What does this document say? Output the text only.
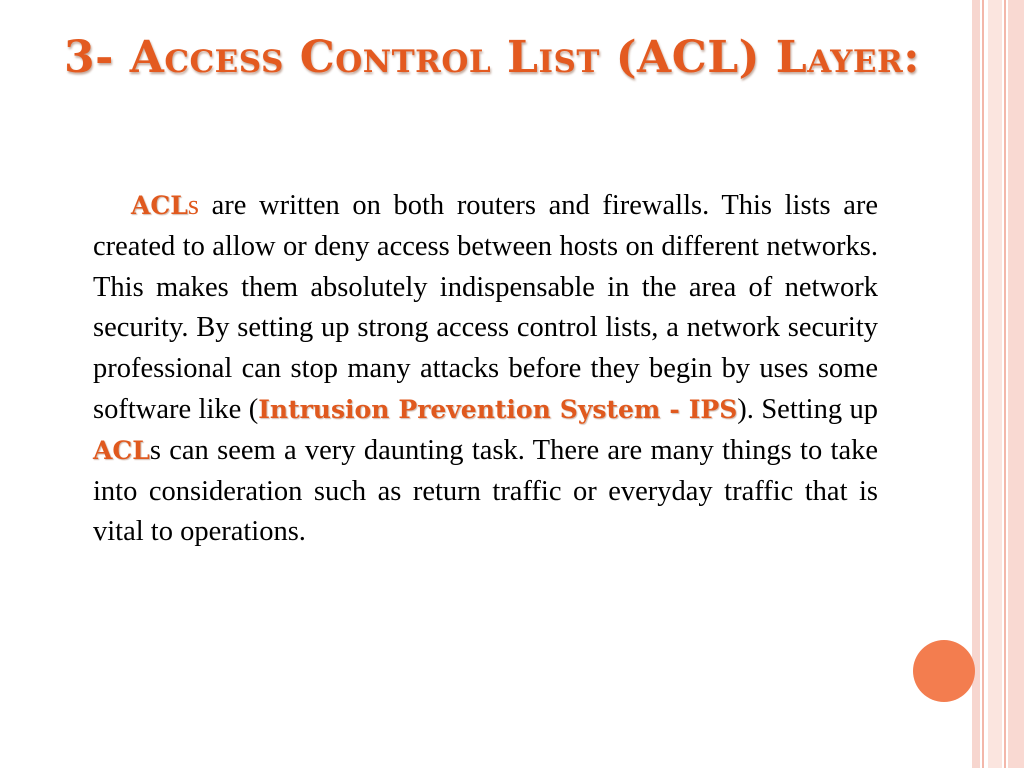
3- Access Control List (ACL) Layer:

ACLs are written on both routers and firewalls. This lists are created to allow or deny access between hosts on different networks. This makes them absolutely indispensable in the area of network security. By setting up strong access control lists, a network security professional can stop many attacks before they begin by uses some software like (Intrusion Prevention System - IPS). Setting up ACLs can seem a very daunting task. There are many things to take into consideration such as return traffic or everyday traffic that is vital to operations.
